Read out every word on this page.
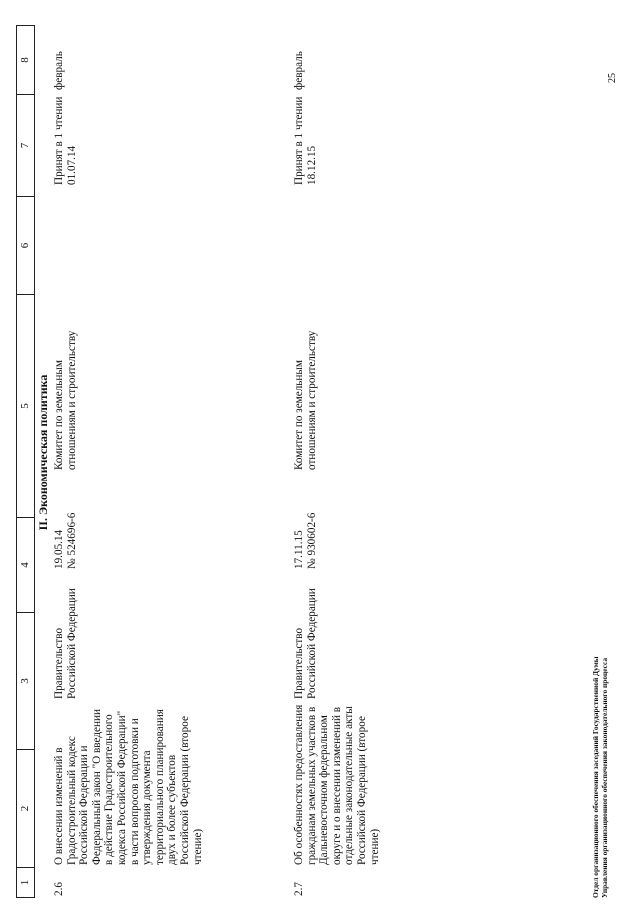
1
2
3
4
5
6
7
8
II. Экономическая политика
2.6
О внесении изменений в Градостроительный кодекс Российской Федерации и Федеральный закон "О введении в действие Градостроительного кодекса Российской Федерации" в части вопросов подготовки и утверждения документа территориального планирования двух и более субъектов Российской Федерации (второе чтение)
Правительство Российской Федерации
19.05.14 № 524696-6
Комитет по земельным отношениям и строительству
Принят в 1 чтении 01.07.14
февраль
2.7
Об особенностях предоставления гражданам земельных участков в Дальневосточном федеральном округе и о внесении изменений в отдельные законодательные акты Российской Федерации (второе чтение)
Правительство Российской Федерации
17.11.15 № 930602-6
Комитет по земельным отношениям и строительству
Принят в 1 чтении 18.12.15
февраль
Отдел организационного обеспечения заседаний Государственной Думы Управления организационного обеспечения законодательного процесса
25
